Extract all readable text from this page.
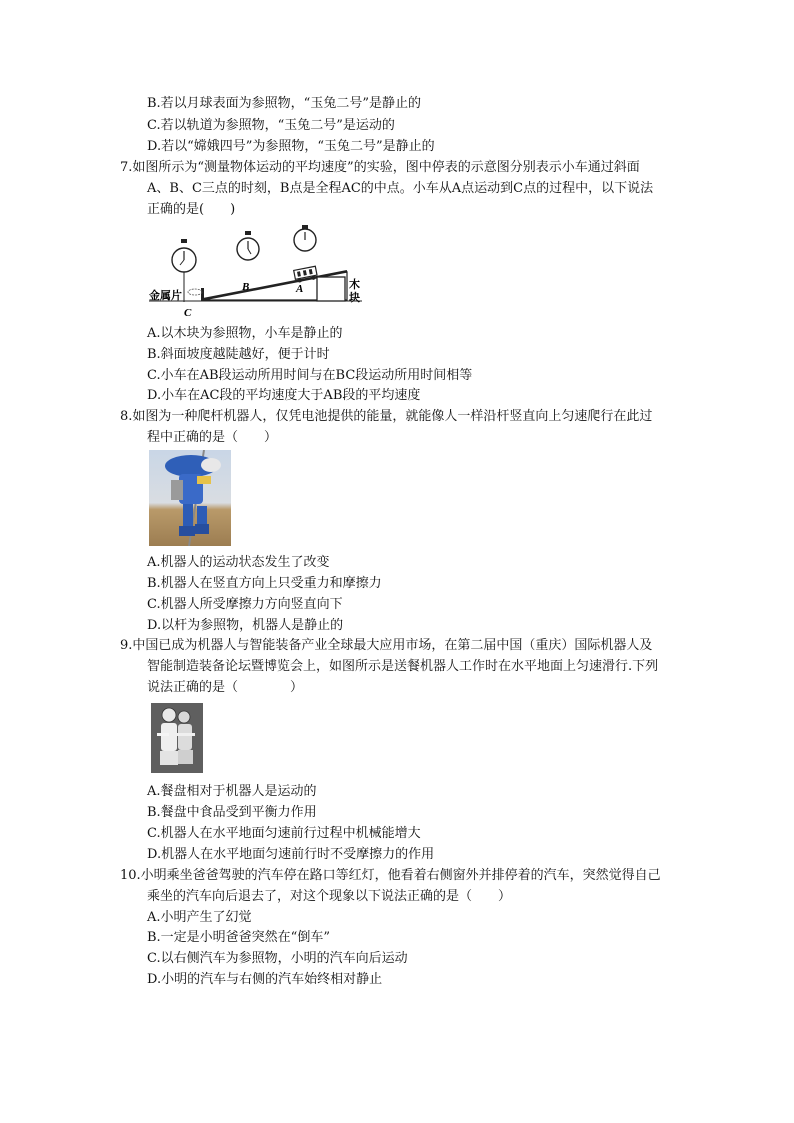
B.若以月球表面为参照物，“玉兔二号”是静止的
C.若以轨道为参照物，“玉兔二号”是运动的
D.若以“嫦娥四号”为参照物，“玉兔二号”是静止的
7.如图所示为“测量物体运动的平均速度”的实验，图中停表的示意图分别表示小车通过斜面
A、B、C三点的时刻，B点是全程AC的中点。小车从A点运动到C点的过程中，以下说法
正确的是(　　)
B	A
C
金属片
木
块
A.以木块为参照物，小车是静止的
B.斜面坡度越陡越好，便于计时
C.小车在AB段运动所用时间与在BC段运动所用时间相等
D.小车在AC段的平均速度大于AB段的平均速度
8.如图为一种爬杆机器人，仅凭电池提供的能量，就能像人一样沿杆竖直向上匀速爬行在此过
程中正确的是（　　）
A.机器人的运动状态发生了改变
B.机器人在竖直方向上只受重力和摩擦力
C.机器人所受摩擦力方向竖直向下
D.以杆为参照物，机器人是静止的
9.中国已成为机器人与智能装备产业全球最大应用市场，在第二届中国（重庆）国际机器人及
智能制造装备论坛暨博览会上，如图所示是送餐机器人工作时在水平地面上匀速滑行.下列
说法正确的是（　　　　）
A.餐盘相对于机器人是运动的
B.餐盘中食品受到平衡力作用
C.机器人在水平地面匀速前行过程中机械能增大
D.机器人在水平地面匀速前行时不受摩擦力的作用
10.小明乘坐爸爸驾驶的汽车停在路口等红灯，他看着右侧窗外并排停着的汽车，突然觉得自己
乘坐的汽车向后退去了，对这个现象以下说法正确的是（　　）
A.小明产生了幻觉
B.一定是小明爸爸突然在“倒车”
C.以右侧汽车为参照物，小明的汽车向后运动
D.小明的汽车与右侧的汽车始终相对静止
